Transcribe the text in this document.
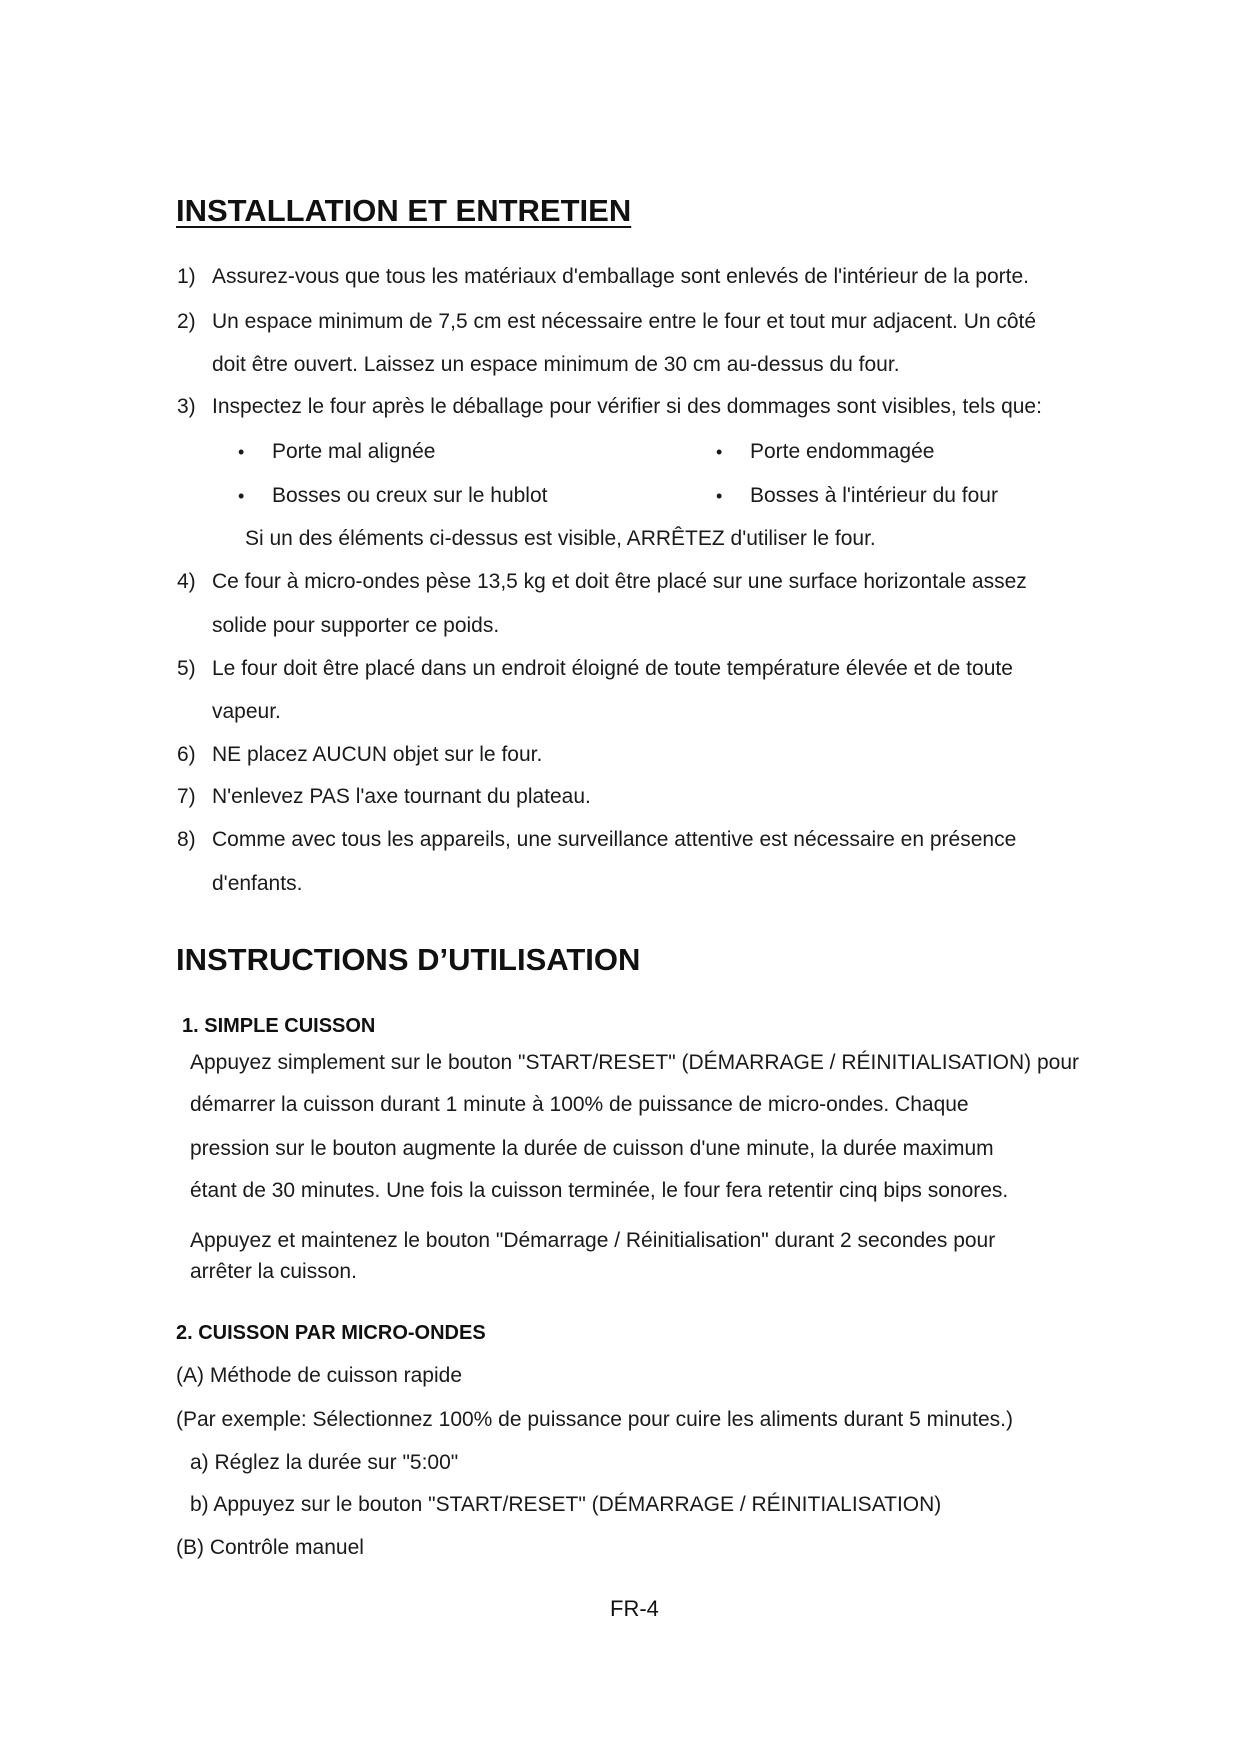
INSTALLATION ET ENTRETIEN
1) Assurez-vous que tous les matériaux d'emballage sont enlevés de l'intérieur de la porte.
2) Un espace minimum de 7,5 cm est nécessaire entre le four et tout mur adjacent. Un côté
doit être ouvert. Laissez un espace minimum de 30 cm au-dessus du four.
3) Inspectez le four après le déballage pour vérifier si des dommages sont visibles, tels que:
• Porte mal alignée	• Porte endommagée
• Bosses ou creux sur le hublot	• Bosses à l'intérieur du four
Si un des éléments ci-dessus est visible, ARRÊTEZ d'utiliser le four.
4) Ce four à micro-ondes pèse 13,5 kg et doit être placé sur une surface horizontale assez
solide pour supporter ce poids.
5) Le four doit être placé dans un endroit éloigné de toute température élevée et de toute
vapeur.
6) NE placez AUCUN objet sur le four.
7) N'enlevez PAS l'axe tournant du plateau.
8) Comme avec tous les appareils, une surveillance attentive est nécessaire en présence
d'enfants.
INSTRUCTIONS D’UTILISATION
1. SIMPLE CUISSON
Appuyez simplement sur le bouton "START/RESET" (DÉMARRAGE / RÉINITIALISATION) pour
démarrer la cuisson durant 1 minute à 100% de puissance de micro-ondes. Chaque
pression sur le bouton augmente la durée de cuisson d'une minute, la durée maximum
étant de 30 minutes. Une fois la cuisson terminée, le four fera retentir cinq bips sonores.
Appuyez et maintenez le bouton "Démarrage / Réinitialisation" durant 2 secondes pour
arrêter la cuisson.
2. CUISSON PAR MICRO-ONDES
(A) Méthode de cuisson rapide
(Par exemple: Sélectionnez 100% de puissance pour cuire les aliments durant 5 minutes.)
a) Réglez la durée sur "5:00"
b) Appuyez sur le bouton "START/RESET" (DÉMARRAGE / RÉINITIALISATION)
(B) Contrôle manuel
FR-4
